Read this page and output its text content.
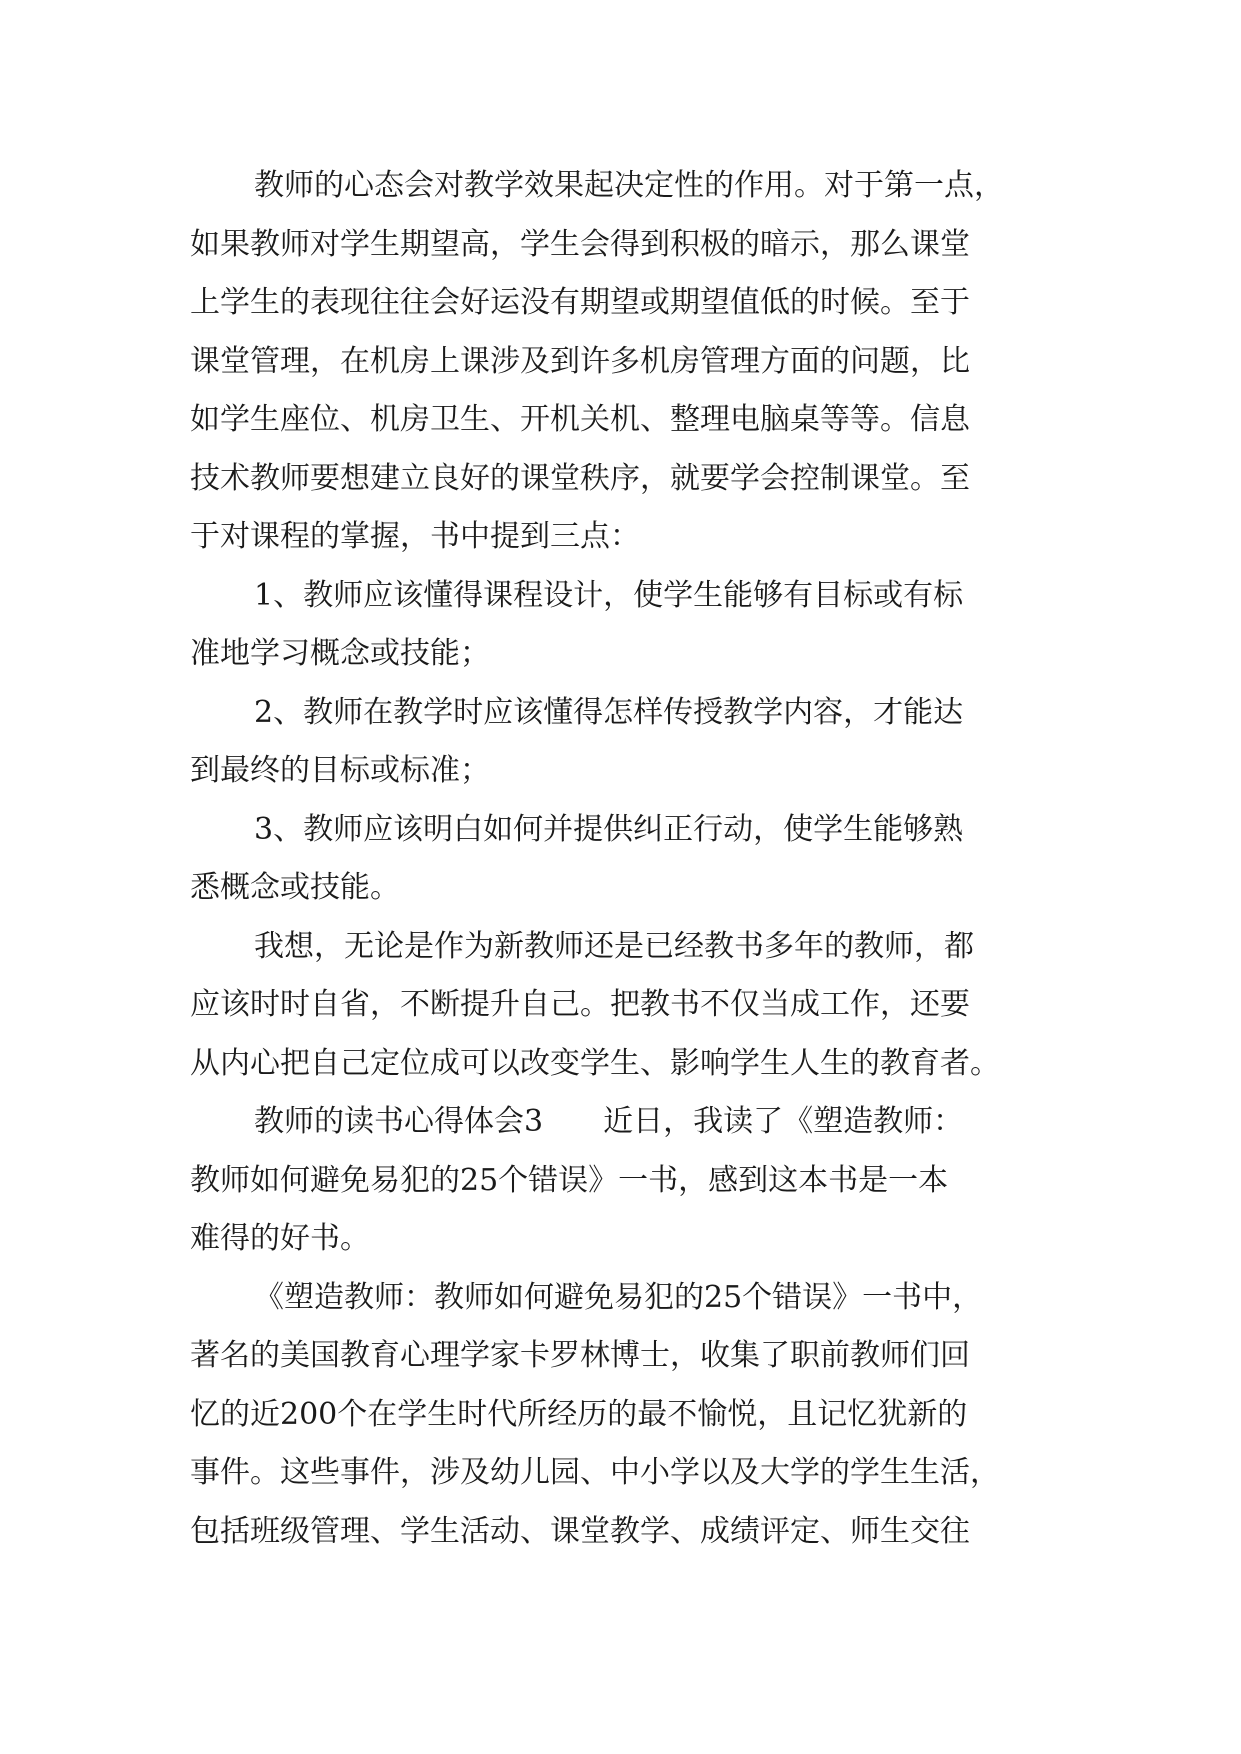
教师的心态会对教学效果起决定性的作用。对于第一点，
如果教师对学生期望高，学生会得到积极的暗示，那么课堂
上学生的表现往往会好运没有期望或期望值低的时候。至于
课堂管理，在机房上课涉及到许多机房管理方面的问题，比
如学生座位、机房卫生、开机关机、整理电脑桌等等。信息
技术教师要想建立良好的课堂秩序，就要学会控制课堂。至
于对课程的掌握，书中提到三点：
1、教师应该懂得课程设计，使学生能够有目标或有标
准地学习概念或技能；
2、教师在教学时应该懂得怎样传授教学内容，才能达
到最终的目标或标准；
3、教师应该明白如何并提供纠正行动，使学生能够熟
悉概念或技能。
我想，无论是作为新教师还是已经教书多年的教师，都
应该时时自省，不断提升自己。把教书不仅当成工作，还要
从内心把自己定位成可以改变学生、影响学生人生的教育者。
教师的读书心得体会3　　近日，我读了《塑造教师：
教师如何避免易犯的25个错误》一书，感到这本书是一本
难得的好书。
《塑造教师：教师如何避免易犯的25个错误》一书中，
著名的美国教育心理学家卡罗林博士，收集了职前教师们回
忆的近200个在学生时代所经历的最不愉悦，且记忆犹新的
事件。这些事件，涉及幼儿园、中小学以及大学的学生生活，
包括班级管理、学生活动、课堂教学、成绩评定、师生交往
